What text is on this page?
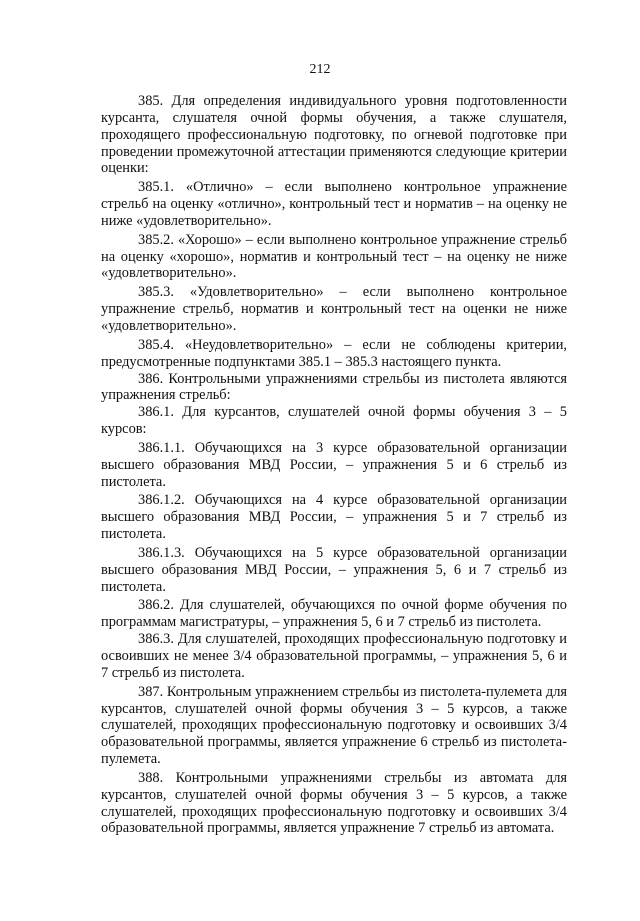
212

385. Для определения индивидуального уровня подготовленности курсанта, слушателя очной формы обучения, а также слушателя, проходящего профессиональную подготовку, по огневой подготовке при проведении промежуточной аттестации применяются следующие критерии оценки:

385.1. «Отлично» – если выполнено контрольное упражнение стрельб на оценку «отлично», контрольный тест и норматив – на оценку не ниже «удовлетворительно».

385.2. «Хорошо» – если выполнено контрольное упражнение стрельб на оценку «хорошо», норматив и контрольный тест – на оценку не ниже «удовлетворительно».

385.3. «Удовлетворительно» – если выполнено контрольное упражнение стрельб, норматив и контрольный тест на оценки не ниже «удовлетворительно».

385.4. «Неудовлетворительно» – если не соблюдены критерии, предусмотренные подпунктами 385.1 – 385.3 настоящего пункта.

386. Контрольными упражнениями стрельбы из пистолета являются упражнения стрельб:

386.1. Для курсантов, слушателей очной формы обучения 3 – 5 курсов:

386.1.1. Обучающихся на 3 курсе образовательной организации высшего образования МВД России, – упражнения 5 и 6 стрельб из пистолета.

386.1.2. Обучающихся на 4 курсе образовательной организации высшего образования МВД России, – упражнения 5 и 7 стрельб из пистолета.

386.1.3. Обучающихся на 5 курсе образовательной организации высшего образования МВД России, – упражнения 5, 6 и 7 стрельб из пистолета.

386.2. Для слушателей, обучающихся по очной форме обучения по программам магистратуры, – упражнения 5, 6 и 7 стрельб из пистолета.

386.3. Для слушателей, проходящих профессиональную подготовку и освоивших не менее 3/4 образовательной программы, – упражнения 5, 6 и 7 стрельб из пистолета.

387. Контрольным упражнением стрельбы из пистолета-пулемета для курсантов, слушателей очной формы обучения 3 – 5 курсов, а также слушателей, проходящих профессиональную подготовку и освоивших 3/4 образовательной программы, является упражнение 6 стрельб из пистолета-пулемета.

388. Контрольными упражнениями стрельбы из автомата для курсантов, слушателей очной формы обучения 3 – 5 курсов, а также слушателей, проходящих профессиональную подготовку и освоивших 3/4 образовательной программы, является упражнение 7 стрельб из автомата.
